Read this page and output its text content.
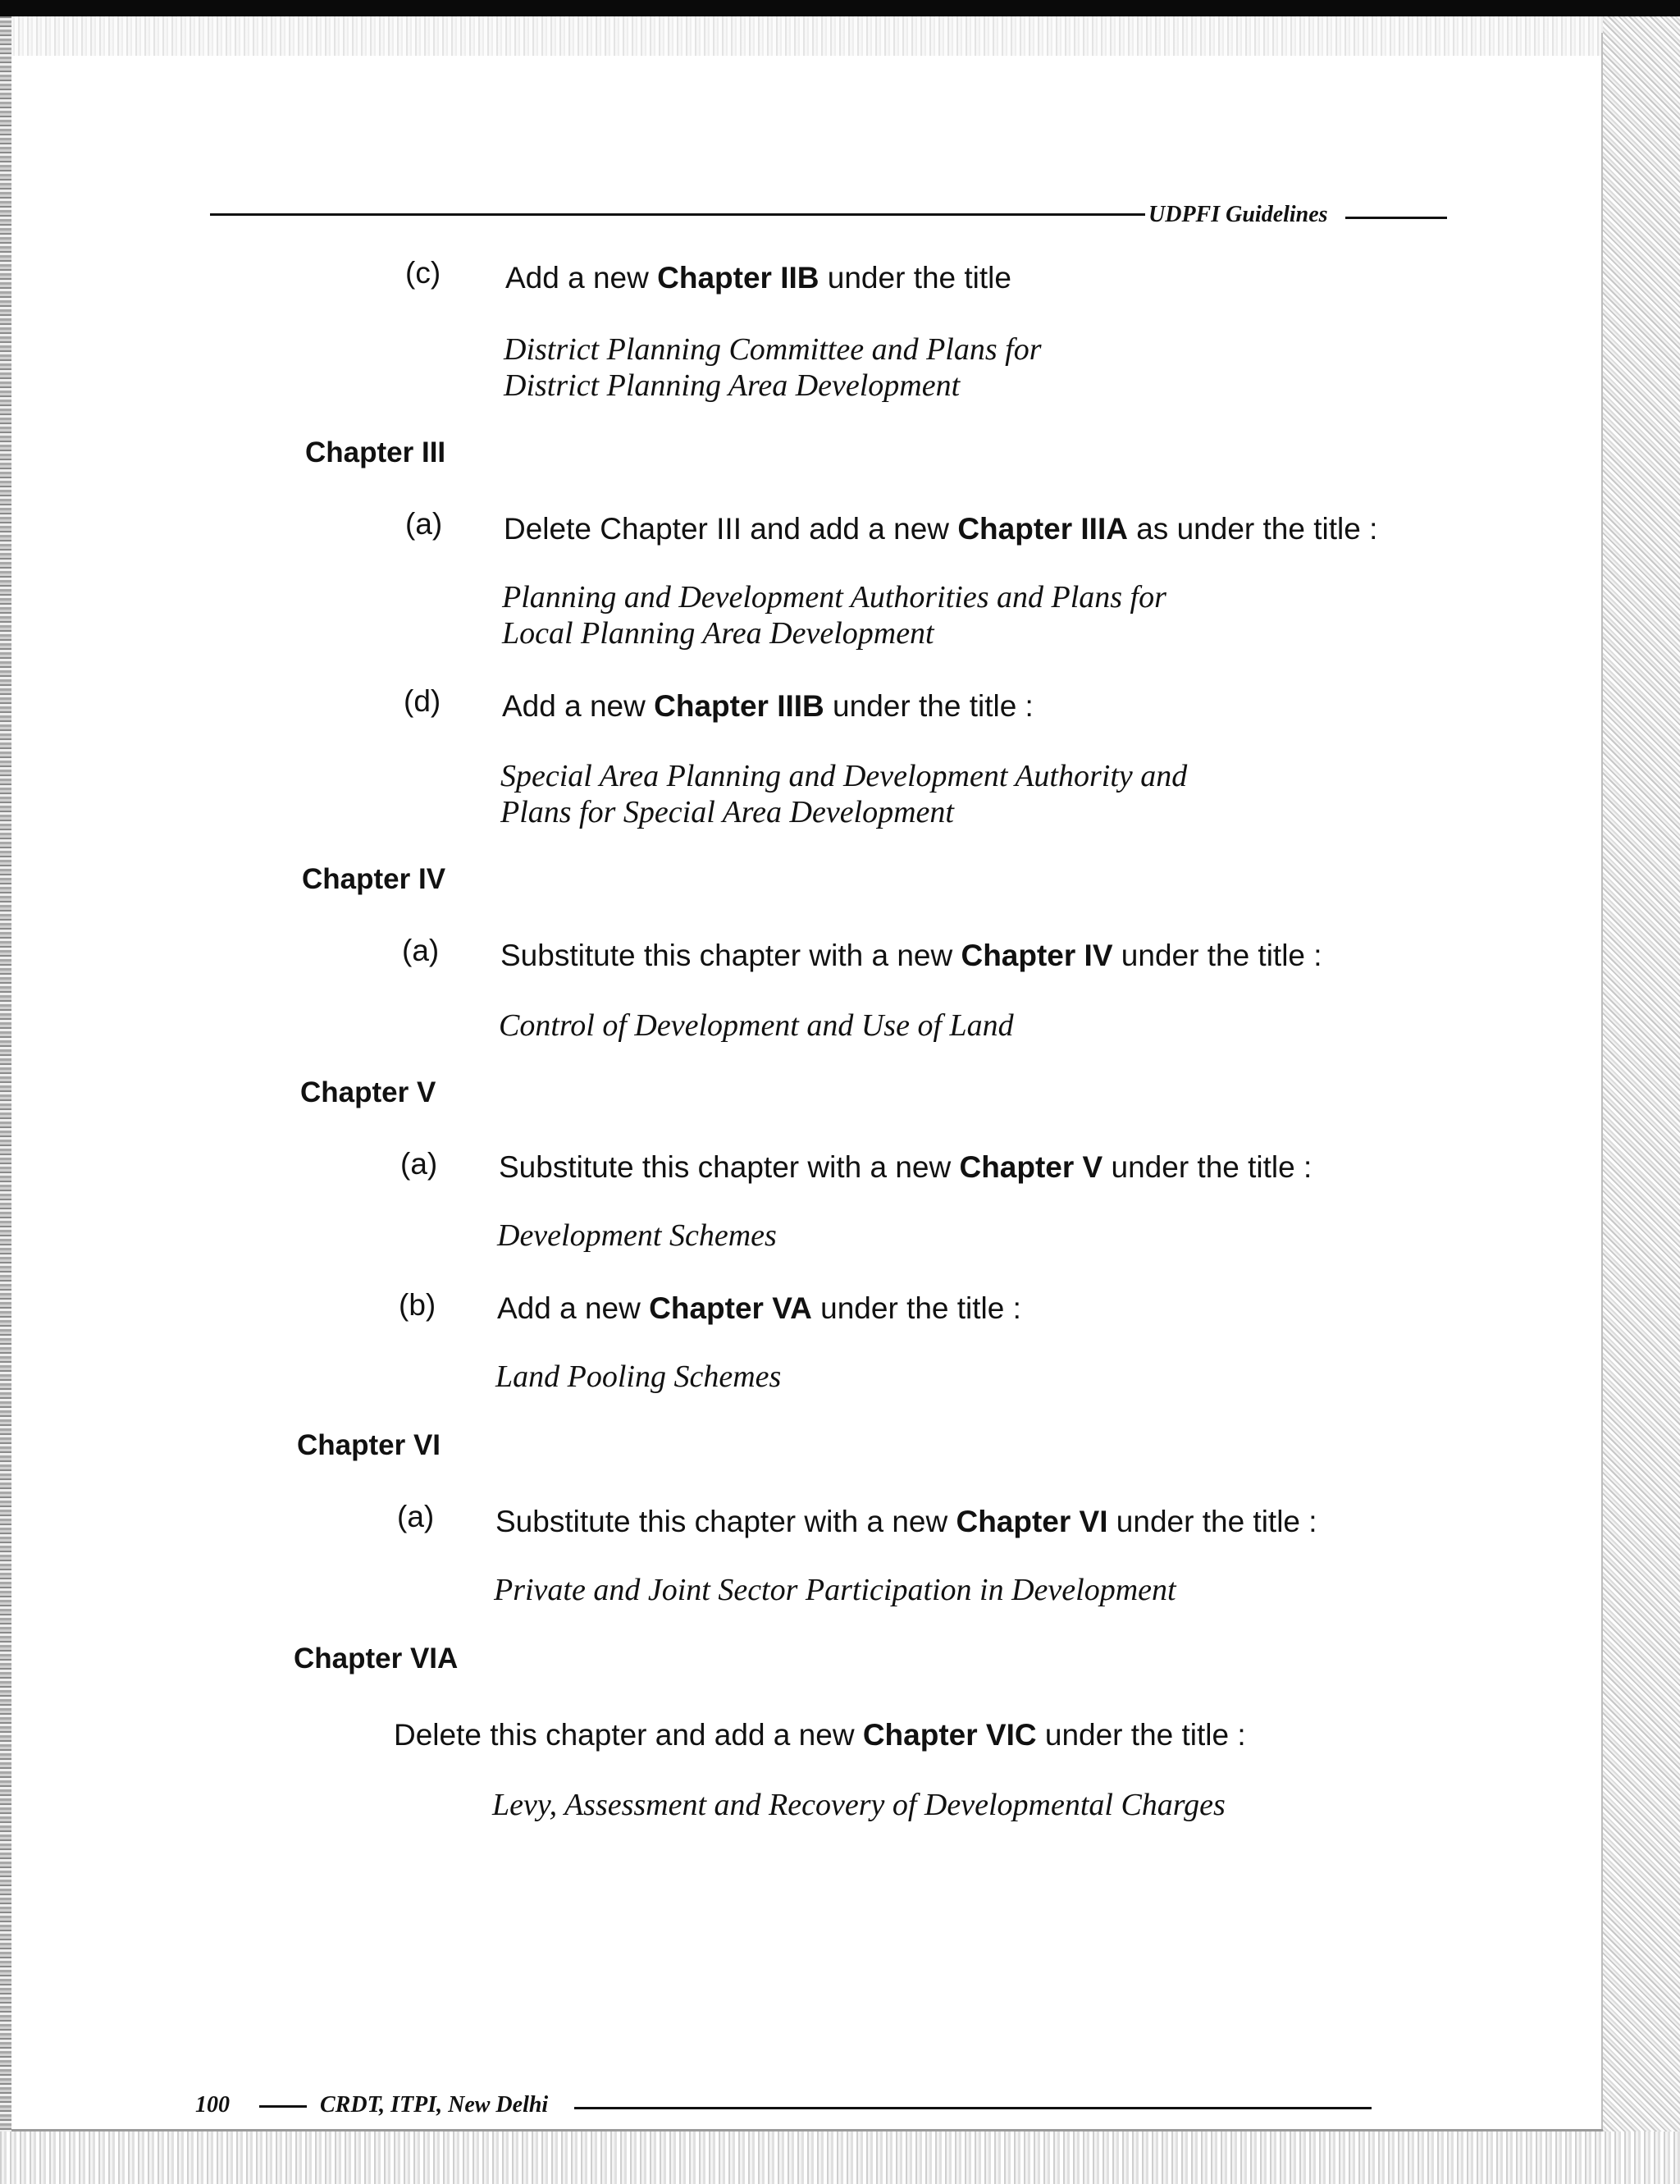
UDPFI Guidelines
(c) Add a new Chapter IIB under the title
District Planning Committee and Plans for
District Planning Area Development
Chapter III
(a) Delete Chapter III and add a new Chapter IIIA as under the title :
Planning and Development Authorities and Plans for
Local Planning Area Development
(d) Add a new Chapter IIIB under the title :
Special Area Planning and Development Authority and
Plans for Special Area Development
Chapter IV
(a) Substitute this chapter with a new Chapter IV under the title :
Control of Development and Use of Land
Chapter V
(a) Substitute this chapter with a new Chapter V under the title :
Development Schemes
(b) Add a new Chapter VA under the title :
Land Pooling Schemes
Chapter VI
(a) Substitute this chapter with a new Chapter VI under the title :
Private and Joint Sector Participation in Development
Chapter VIA
Delete this chapter and add a new Chapter VIC under the title :
Levy, Assessment and Recovery of Developmental Charges
100	CRDT, ITPI, New Delhi
